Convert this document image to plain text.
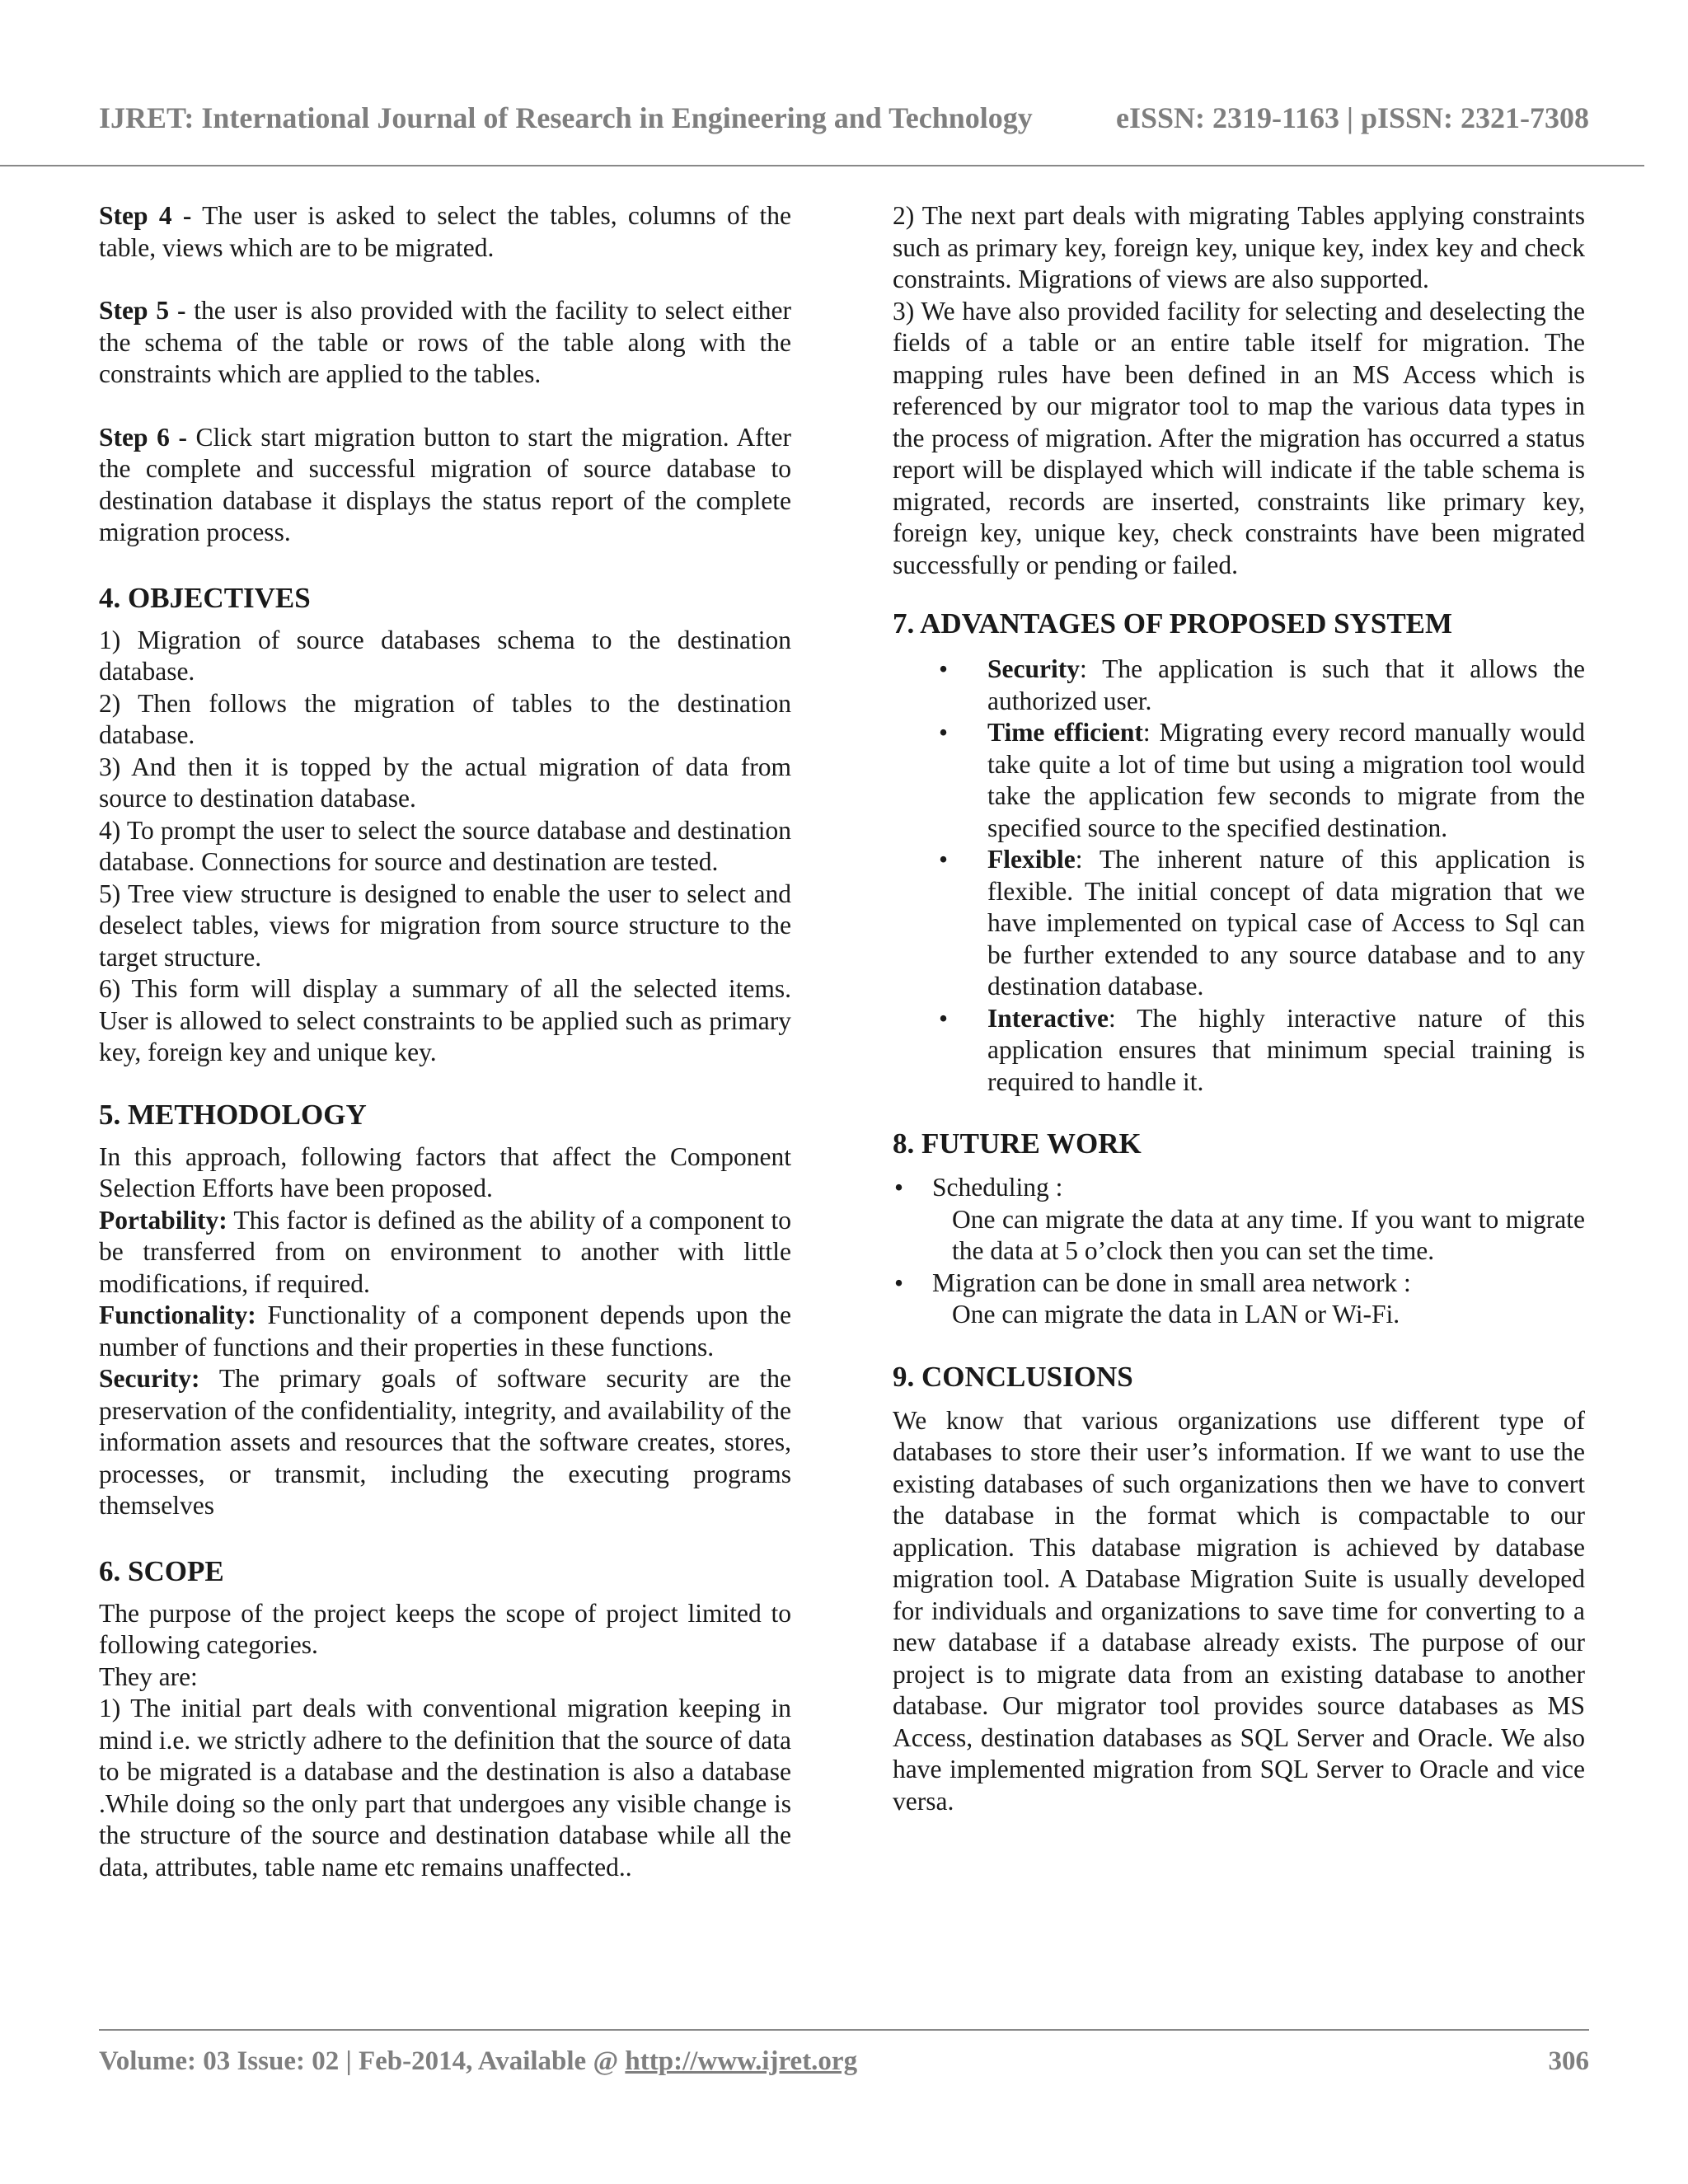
IJRET: International Journal of Research in Engineering and Technology	eISSN: 2319-1163 | pISSN: 2321-7308

Step 4 - The user is asked to select the tables, columns of the table, views which are to be migrated.

Step 5 - the user is also provided with the facility to select either the schema of the table or rows of the table along with the constraints which are applied to the tables.

Step 6 - Click start migration button to start the migration. After the complete and successful migration of source database to destination database it displays the status report of the complete migration process.

4. OBJECTIVES

1) Migration of source databases schema to the destination database.

2) Then follows the migration of tables to the destination database.

3) And then it is topped by the actual migration of data from source to destination database.

4) To prompt the user to select the source database and destination database. Connections for source and destination are tested.

5) Tree view structure is designed to enable the user to select and deselect tables, views for migration from source structure to the target structure.

6) This form will display a summary of all the selected items. User is allowed to select constraints to be applied such as primary key, foreign key and unique key.

5. METHODOLOGY

In this approach, following factors that affect the Component Selection Efforts have been proposed.

Portability: This factor is defined as the ability of a component to be transferred from on environment to another with little modifications, if required.

Functionality: Functionality of a component depends upon the number of functions and their properties in these functions.

Security: The primary goals of software security are the preservation of the confidentiality, integrity, and availability of the information assets and resources that the software creates, stores, processes, or transmit, including the executing programs themselves

6. SCOPE

The purpose of the project keeps the scope of project limited to following categories.

They are:

1) The initial part deals with conventional migration keeping in mind i.e. we strictly adhere to the definition that the source of data to be migrated is a database and the destination is also a database .While doing so the only part that undergoes any visible change is the structure of the source and destination database while all the data, attributes, table name etc remains unaffected..

2) The next part deals with migrating Tables applying constraints such as primary key, foreign key, unique key, index key and check constraints. Migrations of views are also supported.

3) We have also provided facility for selecting and deselecting the fields of a table or an entire table itself for migration. The mapping rules have been defined in an MS Access which is referenced by our migrator tool to map the various data types in the process of migration. After the migration has occurred a status report will be displayed which will indicate if the table schema is migrated, records are inserted, constraints like primary key, foreign key, unique key, check constraints have been migrated successfully or pending or failed.

7. ADVANTAGES OF PROPOSED SYSTEM
• Security: The application is such that it allows the authorized user.
• Time efficient: Migrating every record manually would take quite a lot of time but using a migration tool would take the application few seconds to migrate from the specified source to the specified destination.
• Flexible: The inherent nature of this application is flexible. The initial concept of data migration that we have implemented on typical case of Access to Sql can be further extended to any source database and to any destination database.
• Interactive: The highly interactive nature of this application ensures that minimum special training is required to handle it.
8. FUTURE WORK
• Scheduling :
One can migrate the data at any time. If you want to migrate the data at 5 o’clock then you can set the time.
• Migration can be done in small area network :
One can migrate the data in LAN or Wi-Fi.
9. CONCLUSIONS

We know that various organizations use different type of databases to store their user’s information. If we want to use the existing databases of such organizations then we have to convert the database in the format which is compactable to our application. This database migration is achieved by database migration tool. A Database Migration Suite is usually developed for individuals and organizations to save time for converting to a new database if a database already exists. The purpose of our project is to migrate data from an existing database to another database. Our migrator tool provides source databases as MS Access, destination databases as SQL Server and Oracle. We also have implemented migration from SQL Server to Oracle and vice versa.

Volume: 03 Issue: 02 | Feb-2014, Available @ http://www.ijret.org	306
